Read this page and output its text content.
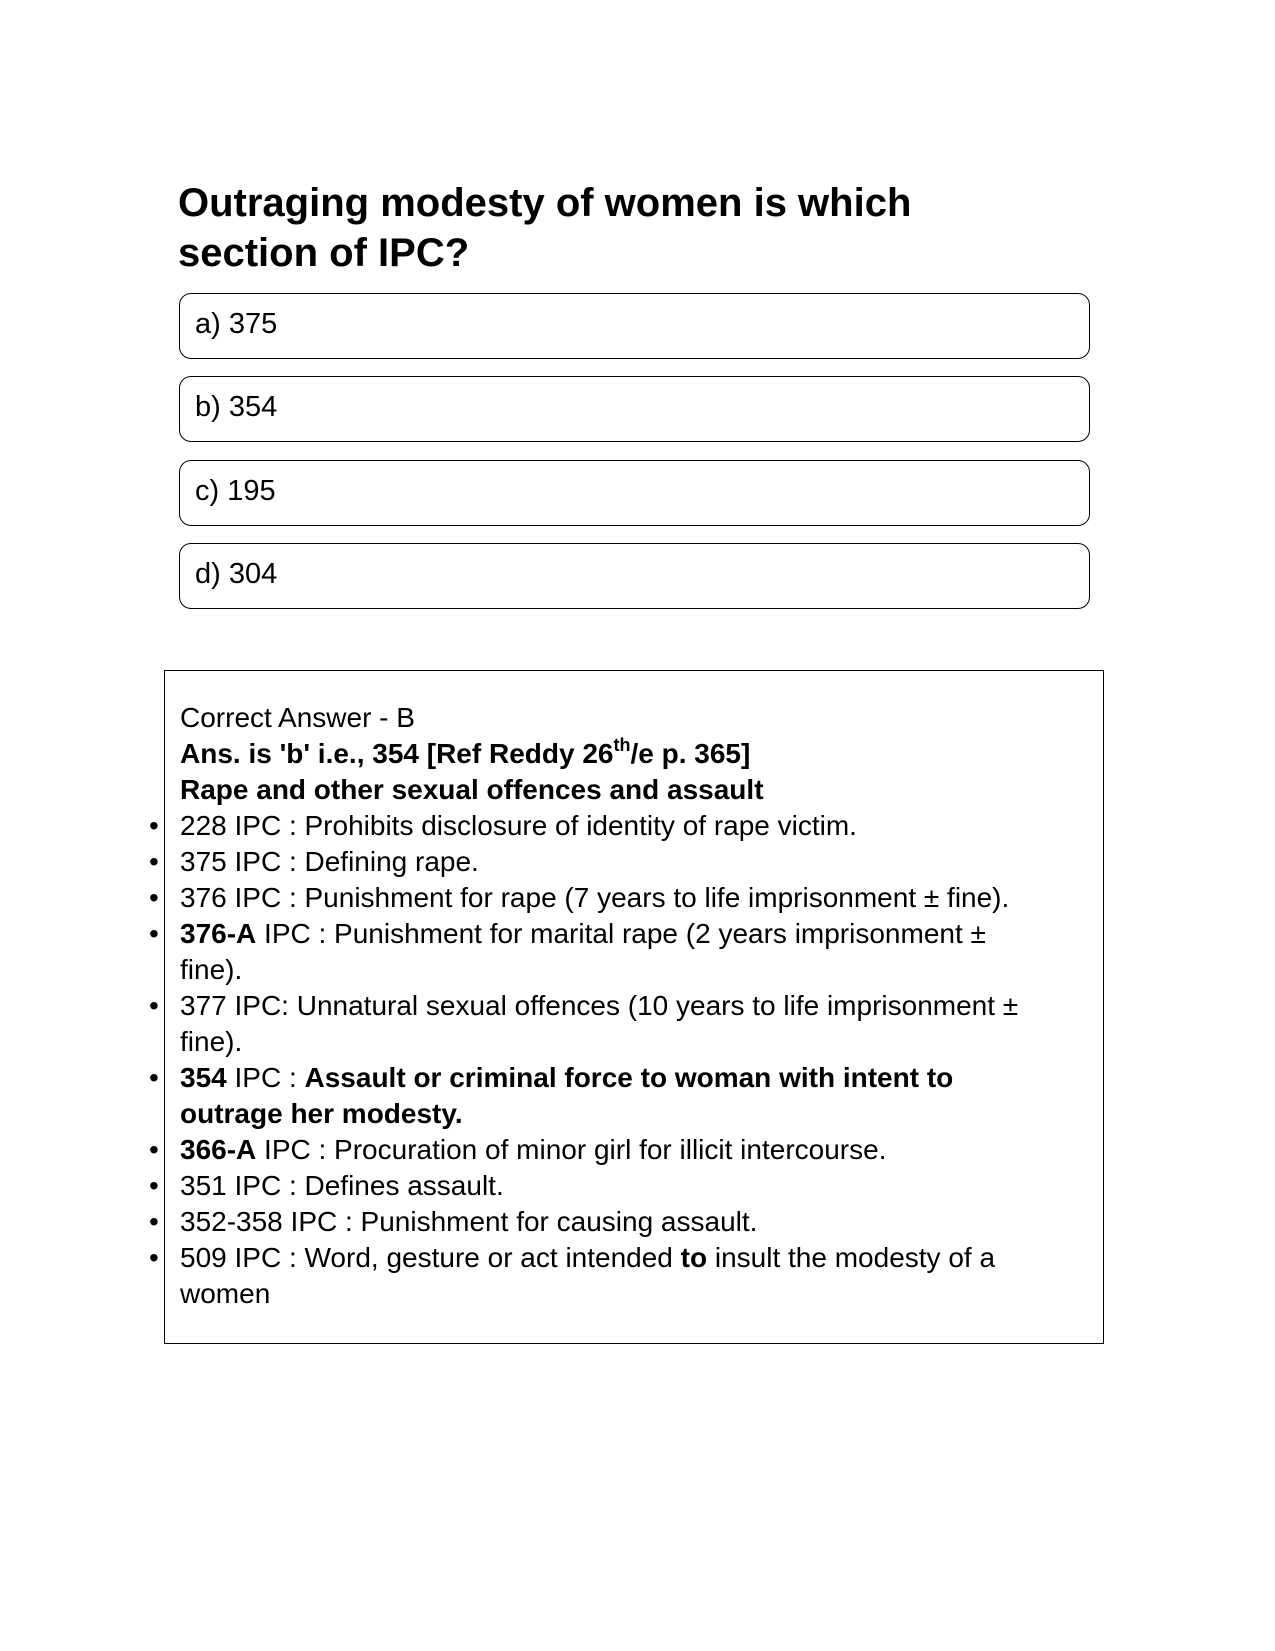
Outraging modesty of women is which
section of IPC?
a) 375
b) 354
c) 195
d) 304

Correct Answer - B

Ans. is 'b' i.e., 354 [Ref Reddy 26th/e p. 365]

Rape and other sexual offences and assault

• 228 IPC : Prohibits disclosure of identity of rape victim.
• 375 IPC : Defining rape.
• 376 IPC : Punishment for rape (7 years to life imprisonment ± fine).
• 376-A IPC : Punishment for marital rape (2 years imprisonment ±
fine).
• 377 IPC: Unnatural sexual offences (10 years to life imprisonment ±
fine).
• 354 IPC : Assault or criminal force to woman with intent to
outrage her modesty.
• 366-A IPC : Procuration of minor girl for illicit intercourse.
• 351 IPC : Defines assault.
• 352-358 IPC : Punishment for causing assault.
• 509 IPC : Word, gesture or act intended to insult the modesty of a
women
